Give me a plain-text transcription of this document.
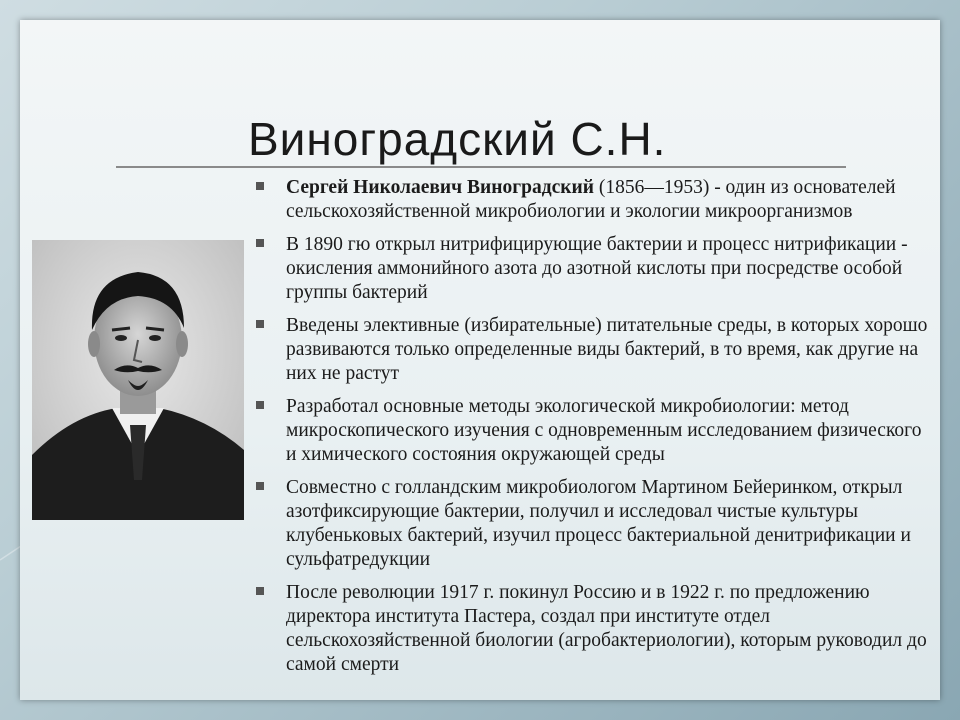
Виноградский С.Н.
Сергей Николаевич Виноградский (1856—1953) - один из основателей сельскохозяйственной микробиологии и экологии микроорганизмов
В 1890 гю открыл нитрифицирующие бактерии и процесс нитрификации - окисления аммонийного азота до азотной кислоты при посредстве особой группы бактерий
Введены элективные (избирательные) питательные среды, в которых хорошо развиваются только определенные виды бактерий, в то время, как другие на них не растут
Разработал основные методы экологической микробиологии: метод микроскопического изучения с одновременным исследованием физического и химического состояния окружающей среды
Совместно с голландским микробиологом Мартином Бейеринком, открыл азотфиксирующие бактерии, получил и исследовал чистые культуры клубеньковых бактерий, изучил процесс бактериальной денитрификации и сульфатредукции
После революции 1917 г. покинул Россию и в 1922 г. по предложению директора института Пастера, создал при институте отдел сельскохозяйственной биологии (агробактериологии), которым руководил до самой смерти
